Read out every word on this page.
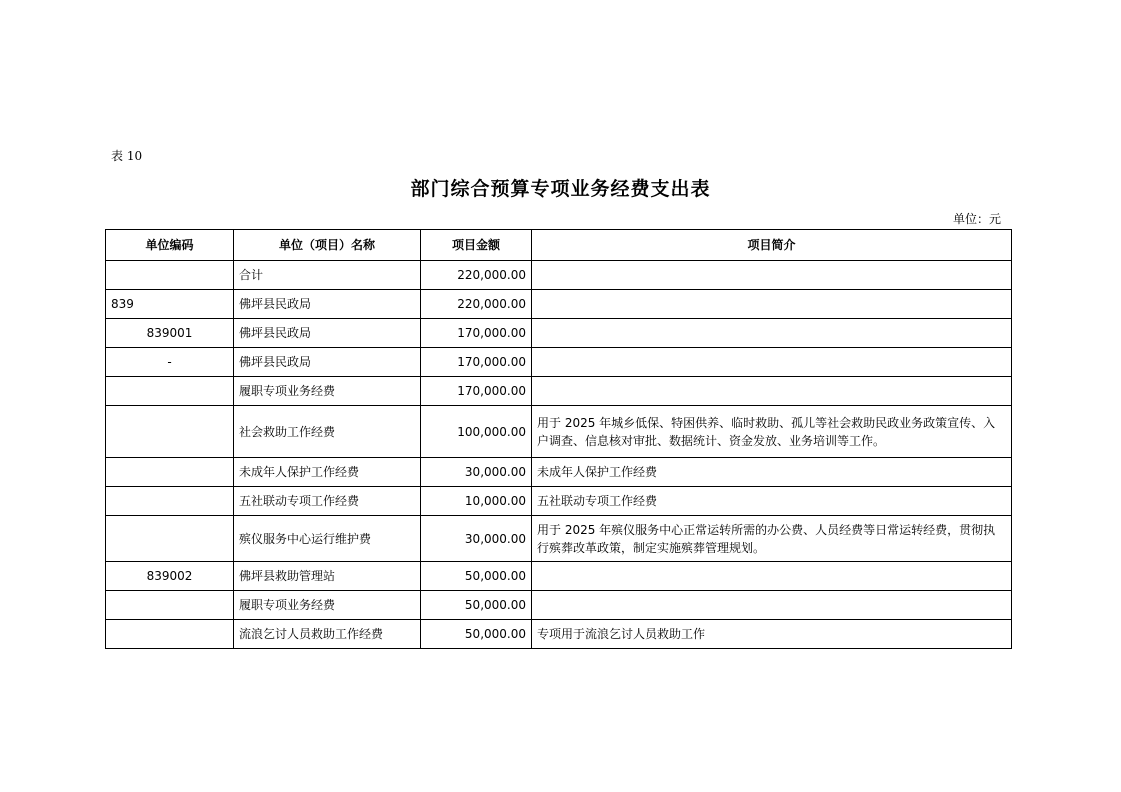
表 10
部门综合预算专项业务经费支出表
单位：元
单位编码	单位（项目）名称	项目金额	项目简介
	合计	220,000.00	
839	佛坪县民政局	220,000.00	
839001	佛坪县民政局	170,000.00	
-	佛坪县民政局	170,000.00	
	履职专项业务经费	170,000.00	
	社会救助工作经费	100,000.00	用于 2025 年城乡低保、特困供养、临时救助、孤儿等社会救助民政业务政策宣传、入户调查、信息核对审批、数据统计、资金发放、业务培训等工作。
	未成年人保护工作经费	30,000.00	未成年人保护工作经费
	五社联动专项工作经费	10,000.00	五社联动专项工作经费
	殡仪服务中心运行维护费	30,000.00	用于 2025 年殡仪服务中心正常运转所需的办公费、人员经费等日常运转经费，贯彻执行殡葬改革政策，制定实施殡葬管理规划。
839002	佛坪县救助管理站	50,000.00	
	履职专项业务经费	50,000.00	
	流浪乞讨人员救助工作经费	50,000.00	专项用于流浪乞讨人员救助工作
